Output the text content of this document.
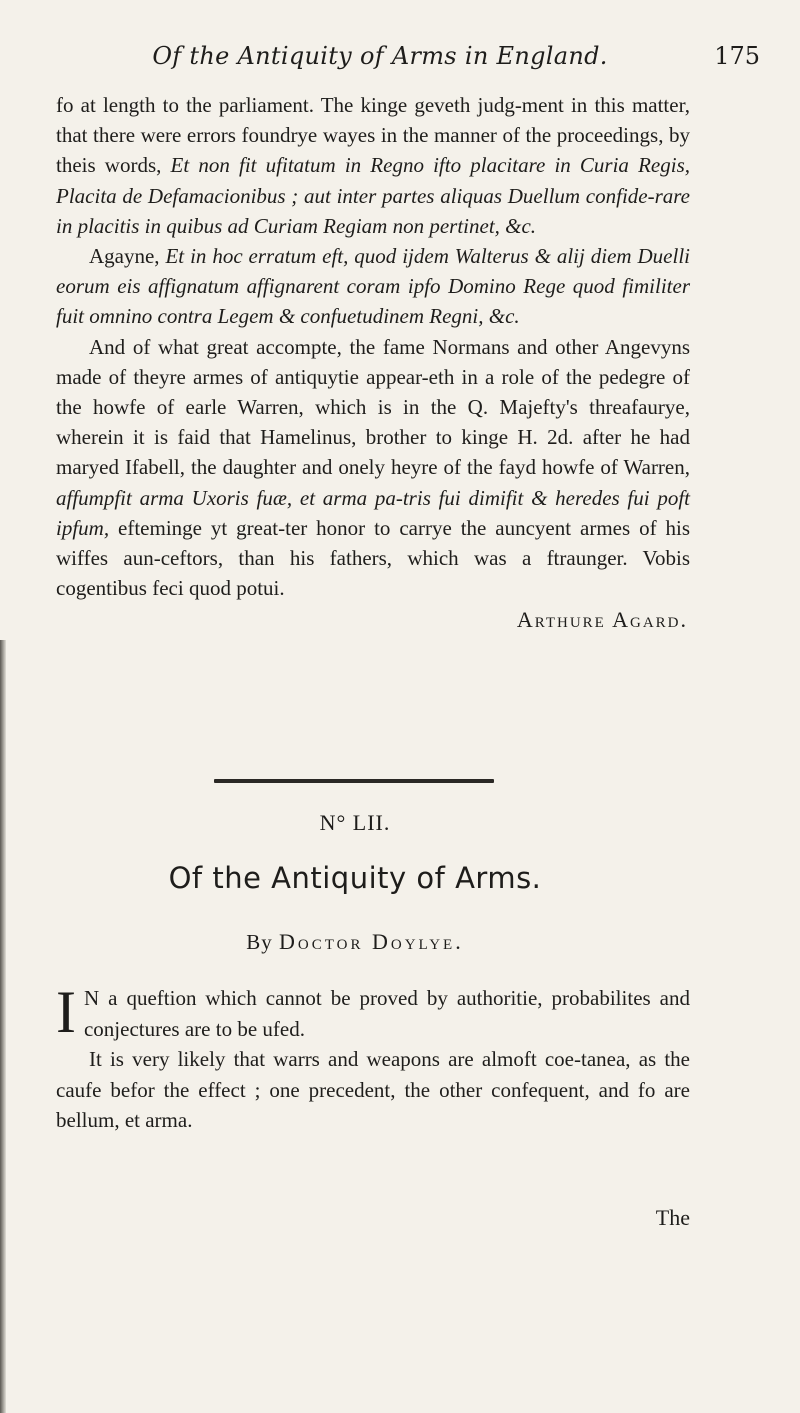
Of the Antiquity of Arms in England.	175

fo at length to the parliament. The kinge geveth judg-ment in this matter, that there were errors foundrye wayes in the manner of the proceedings, by theis words, Et non fit ufitatum in Regno ifto placitare in Curia Regis, Placita de Defamacionibus ; aut inter partes aliquas Duellum confide-rare in placitis in quibus ad Curiam Regiam non pertinet, &c.

Agayne, Et in hoc erratum eft, quod ijdem Walterus & alij diem Duelli eorum eis affignatum affignarent coram ipfo Domino Rege quod fimiliter fuit omnino contra Legem & confuetudinem Regni, &c.

And of what great accompte, the fame Normans and other Angevyns made of theyre armes of antiquytie appear-eth in a role of the pedegre of the howfe of earle Warren, which is in the Q. Majefty's threafaurye, wherein it is faid that Hamelinus, brother to kinge H. 2d. after he had maryed Ifabell, the daughter and onely heyre of the fayd howfe of Warren, affumpfit arma Uxoris fuæ, et arma pa-tris fui dimifit & heredes fui poft ipfum, efteminge yt great-ter honor to carrye the auncyent armes of his wiffes aun-ceftors, than his fathers, which was a ftraunger. Vobis cogentibus feci quod potui.

Arthure Agard.

N° LII.
Of the Antiquity of Arms.
By Doctor Doylye.

I N a queftion which cannot be proved by authoritie, probabilites and conjectures are to be ufed.

It is very likely that warrs and weapons are almoft coe-tanea, as the caufe befor the effect ; one precedent, the other confequent, and fo are bellum, et arma.

The
